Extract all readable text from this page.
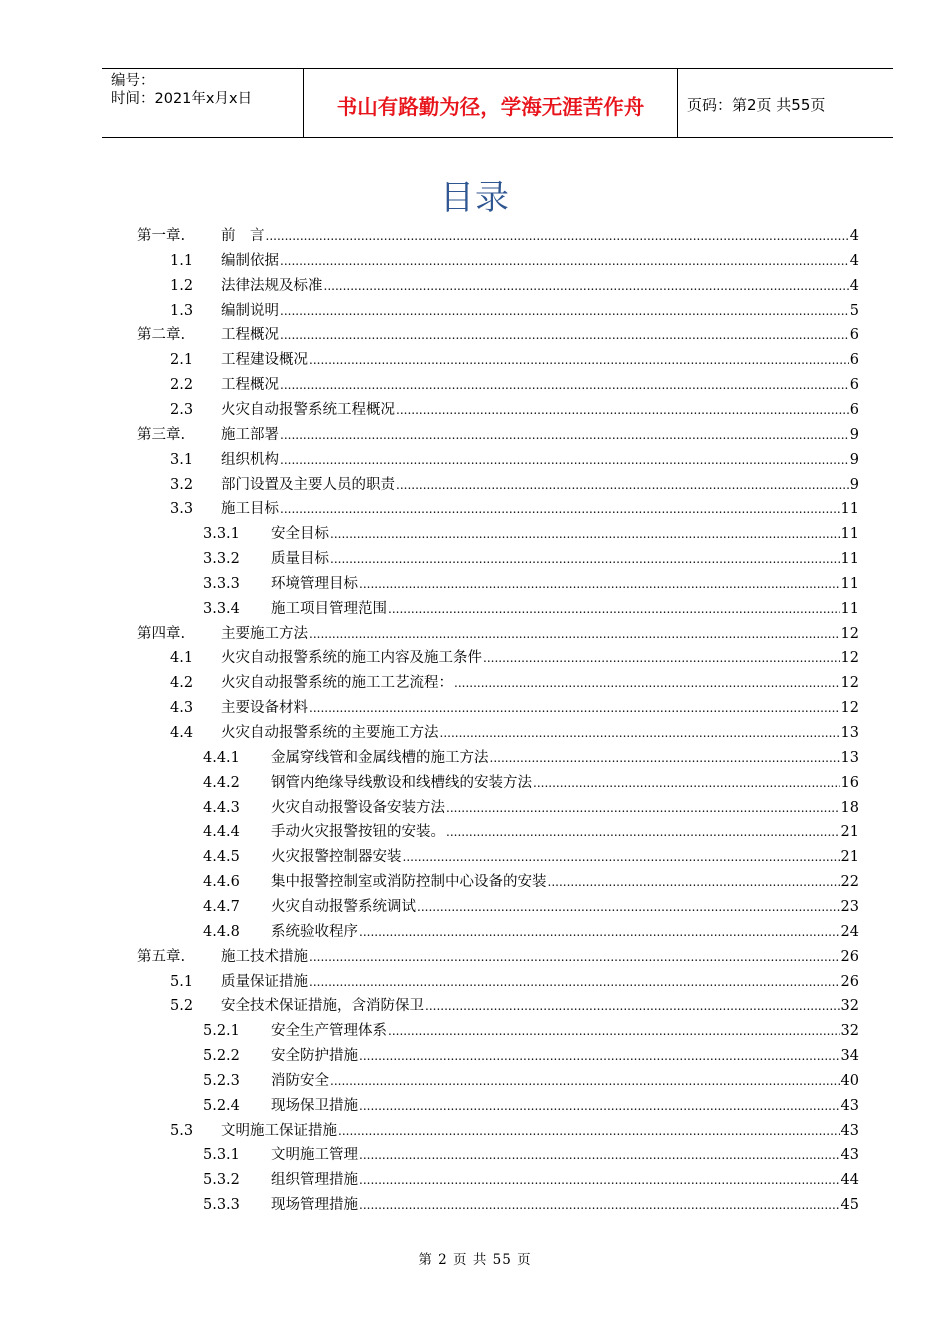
编号：
时间：2021年x月x日	书山有路勤为径，学海无涯苦作舟	页码：第2页 共55页
目录
第一章. 前　言 .....	4
1.1 编制依据 .....	4
1.2 法律法规及标准 .....	4
1.3 编制说明 .....	5
第二章. 工程概况 .....	6
2.1 工程建设概况 .....	6
2.2 工程概况 .....	6
2.3 火灾自动报警系统工程概况 .....	6
第三章. 施工部署 .....	9
3.1 组织机构 .....	9
3.2 部门设置及主要人员的职责 .....	9
3.3 施工目标 .....	11
3.3.1 安全目标 .....	11
3.3.2 质量目标 .....	11
3.3.3 环境管理目标 .....	11
3.3.4 施工项目管理范围 .....	11
第四章. 主要施工方法 .....	12
4.1 火灾自动报警系统的施工内容及施工条件 .....	12
4.2 火灾自动报警系统的施工工艺流程： .....	12
4.3 主要设备材料 .....	12
4.4 火灾自动报警系统的主要施工方法 .....	13
4.4.1 金属穿线管和金属线槽的施工方法 .....	13
4.4.2 钢管内绝缘导线敷设和线槽线的安装方法 .....	16
4.4.3 火灾自动报警设备安装方法 .....	18
4.4.4 手动火灾报警按钮的安装。 .....	21
4.4.5 火灾报警控制器安装 .....	21
4.4.6 集中报警控制室或消防控制中心设备的安装 .....	22
4.4.7 火灾自动报警系统调试 .....	23
4.4.8 系统验收程序 .....	24
第五章. 施工技术措施 .....	26
5.1 质量保证措施 .....	26
5.2 安全技术保证措施，含消防保卫 .....	32
5.2.1 安全生产管理体系 .....	32
5.2.2 安全防护措施 .....	34
5.2.3 消防安全 .....	40
5.2.4 现场保卫措施 .....	43
5.3 文明施工保证措施 .....	43
5.3.1 文明施工管理 .....	43
5.3.2 组织管理措施 .....	44
5.3.3 现场管理措施 .....	45
第 2 页 共 55 页
